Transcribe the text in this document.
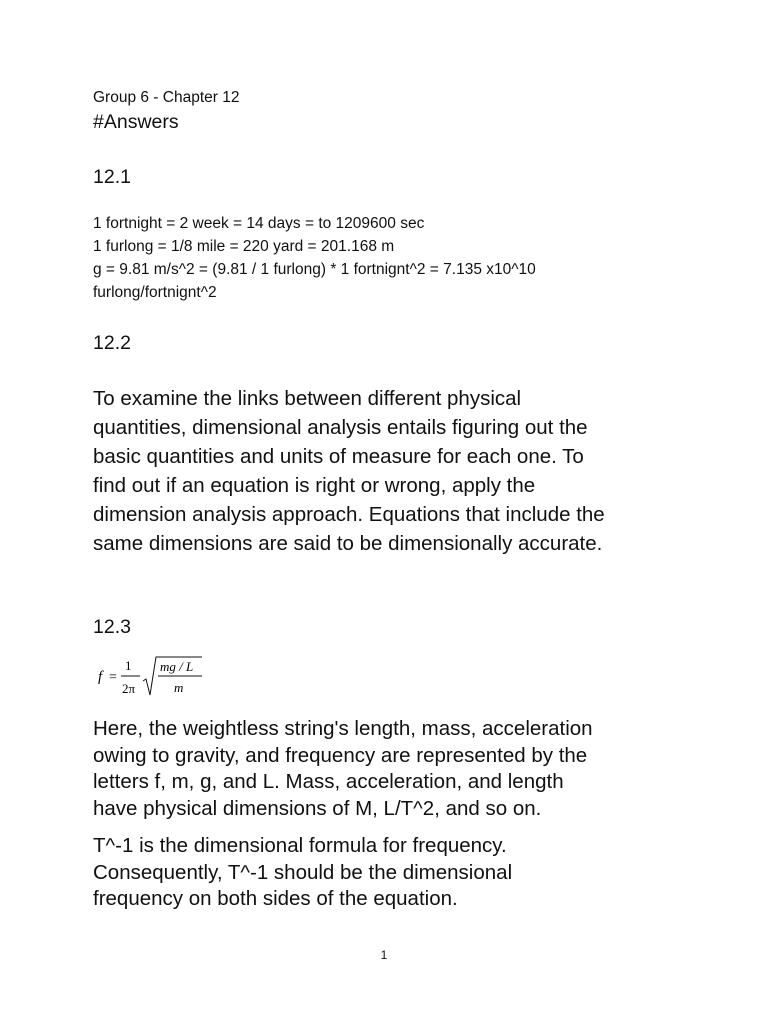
Group 6 - Chapter 12
#Answers
12.1
1 fortnight = 2 week = 14 days = to 1209600 sec
1 furlong = 1/8 mile = 220 yard = 201.168 m
g = 9.81 m/s^2 = (9.81 / 1 furlong) * 1 fortnignt^2 = 7.135 x10^10
furlong/fortnignt^2
12.2
To examine the links between different physical
quantities, dimensional analysis entails figuring out the
basic quantities and units of measure for each one. To
find out if an equation is right or wrong, apply the
dimension analysis approach. Equations that include the
same dimensions are said to be dimensionally accurate.
12.3
f =
1
2π
mg / L
m
Here, the weightless string's length, mass, acceleration
owing to gravity, and frequency are represented by the
letters f, m, g, and L. Mass, acceleration, and length
have physical dimensions of M, L/T^2, and so on.
T^-1 is the dimensional formula for frequency.
Consequently, T^-1 should be the dimensional
frequency on both sides of the equation.
1
